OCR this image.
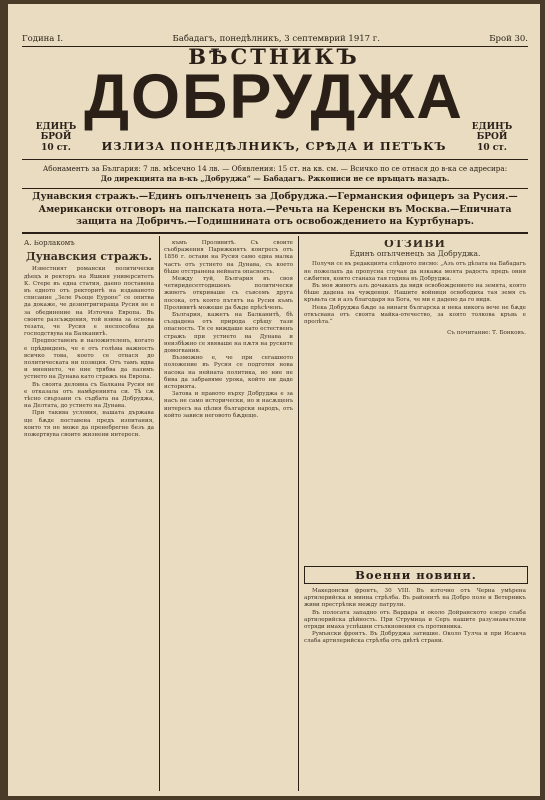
Година I.	Бабадагъ, понедѣлникъ, 3 септемврий 1917 г.	Брой 30.
ВѢСТНИКЪ
ДОБРУДЖА
ЕДИНЪ БРОЙ
10 ст.
ЕДИНЪ БРОЙ
10 ст.
ИЗЛИЗА ПОНЕДѢЛНИКЪ, СРѢДА И ПЕТЪКЪ
Абонаментъ за България: 7 лв. мѣсечно 14 лв. — Обявления: 15 ст. на кв. см. — Всичко по се отнася до в-ка се адресира:
До дирекцията на в-къ „Добруджа“ — Бабадагъ. Ржкописи не се връщатъ назадъ.
Дунавския стражъ.—Единъ опълченецъ за Добруджа.—Германския офицеръ за Русия.—Американски отговоръ на папската нота.—Речьта на Керенски въ Москва.—Епичната защита на Добричъ.—Годишнината отъ освобождението на Куртбунаръ.
А. Борлакомъ
Дунавския стражъ.

Известният романски политически дѣецъ и ректоръ на Яшкия университетъ К. Стере въ една статия, даено поставена въ едното отъ ректоритѣ на издаваното списание „Зеле Рьоще Еуропе“ се опитва да докаже, че дезинтригираща Русия не е за обединение на Източна Европа. Въ своите разсъждения, той взима за основа тезата, че Русия е неспособна да господствува на Балканитѣ.

Предпоставенъ и наложителенъ, когато е прѣдвиденъ, че е отъ голѣма важность всичко това, което се отнася до политическата ни позиция. Отъ тамъ идва и мнението, че ние трябва да пазимъ устието на Дунава като стражъ на Европа.

Въ своята деловна съ Балкана Русия не е отказала отъ намѣренията си. Тѣ сѫ тѣсно свързани съ съдбата на Добруджа, на Делтата, до устието на Дунава.

При такива условия, нашата държава ще бѫде поставена предъ изпитания, които тя не може да пренебрегне безъ да пожертвува своите жизнени интереси.

къмъ Проливитѣ. Съ своите съображения Парижкиятъ конгресъ отъ 1856 г. остави на Русия само една малка частъ отъ устието на Дунава, съ което бѣше отстранена нейната опасность.

Между туй, България въ своя четиридесетгодишенъ политически животъ откриваше съ съвсемъ друга посока, отъ която пътятъ на Русия къмъ Проливитѣ можеше да бѫде прѣсѣченъ.

България, кажетъ на Балканитѣ, бѣ създадена отъ природа срѣщу тази опасность. Тя се виждаше като естественъ стражъ при устието на Дунава и неизбѣжно се явяваше на пѫтя на руските домогвания.

Възможно е, че при сегашното положение въ Русия се подготвя нова насока на нейната политика, но ние не бива да забравяме урока, който ни даде историята.

Затова и правото върху Добруджа е за насъ не само исторически, но и насѫщенъ интересъ на цѣлия български народъ, отъ който зависи неговото бѫдеще.

ОТЗИВИ
Единъ опълченецъ за Добруджа.

Получи се въ редакцията слѣдното писмо: „Азъ отъ дѣлата на Бабадагъ не пожелахъ да пропусна случая да изкажа моята радость предъ ония сѫбития, които станаха тая година въ Добруджа.

Въ моя животъ азъ дочакахъ да видя освобождението на земята, която бѣше дадена на чужденци. Нашите войници освободиха тая земя съ кръвьта си и азъ благодаря на Бога, че ми е дадено да го видя.

Нека Добруджа бѫде за винаги българска и нека никога вече не бѫде откъсвана отъ своята майка-отечество, за която толкова кръвь е пролѣта.“

Съ почитание: Т. Бонковъ.
Военни новини.

Македонски фронтъ, 30 VIII. Въ източно отъ Черна умѣрена артилерийска и минна стрѣлба. Въ районитѣ на Добро поле и Ветерникъ живи престрѣлки между патрули.

Въ полосата западно отъ Вардара и около Дойранското езеро слаба артилерийска дѣйность. При Струмица и Серъ нашите разузнавателни отряди имаха успѣшни стълкновения съ противника.

Румънски фронтъ. Въ Добруджа затишие. Около Тулча и при Исакча слаба артилерийска стрѣлба отъ двѣтѣ страни.
